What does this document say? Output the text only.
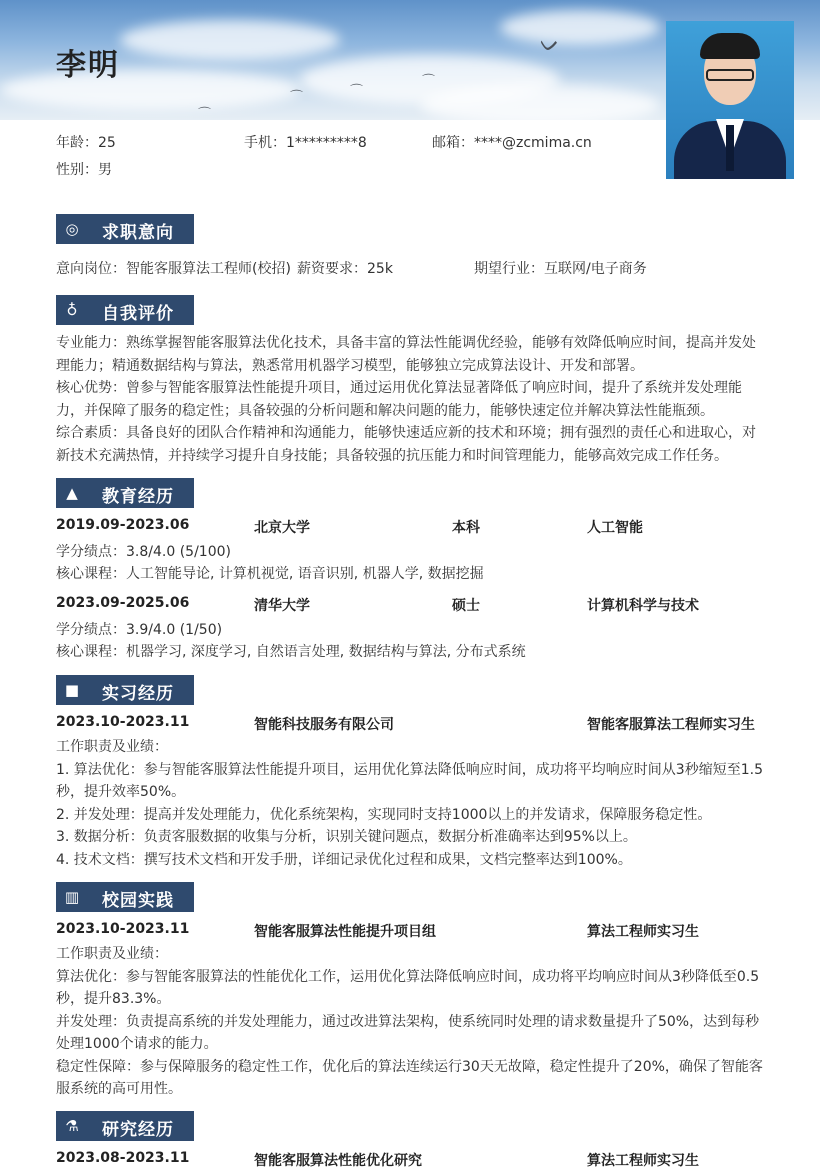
ᨆ
⌒	⌒
⌒
⌒
李明
年龄：25	手机：1*********8	邮箱：****@zcmima.cn
性别：男
◎ 求职意向
意向岗位：智能客服算法工程师(校招) 薪资要求：25k	期望行业：互联网/电子商务
♁ 自我评价

专业能力：熟练掌握智能客服算法优化技术，具备丰富的算法性能调优经验，能够有效降低响应时间，提高并发处理能力；精通数据结构与算法，熟悉常用机器学习模型，能够独立完成算法设计、开发和部署。

核心优势：曾参与智能客服算法性能提升项目，通过运用优化算法显著降低了响应时间，提升了系统并发处理能力，并保障了服务的稳定性；具备较强的分析问题和解决问题的能力，能够快速定位并解决算法性能瓶颈。

综合素质：具备良好的团队合作精神和沟通能力，能够快速适应新的技术和环境；拥有强烈的责任心和进取心，对新技术充满热情，并持续学习提升自身技能；具备较强的抗压能力和时间管理能力，能够高效完成工作任务。

▲ 教育经历
2019.09-2023.06	北京大学	本科	人工智能
学分绩点：3.8/4.0 (5/100)
核心课程：人工智能导论, 计算机视觉, 语音识别, 机器人学, 数据挖掘
2023.09-2025.06	清华大学	硕士	计算机科学与技术
学分绩点：3.9/4.0 (1/50)
核心课程：机器学习, 深度学习, 自然语言处理, 数据结构与算法, 分布式系统
■ 实习经历
2023.10-2023.11	智能科技服务有限公司	智能客服算法工程师实习生

工作职责及业绩：

1. 算法优化：参与智能客服算法性能提升项目，运用优化算法降低响应时间，成功将平均响应时间从3秒缩短至1.5秒，提升效率50%。

2. 并发处理：提高并发处理能力，优化系统架构，实现同时支持1000以上的并发请求，保障服务稳定性。

3. 数据分析：负责客服数据的收集与分析，识别关键问题点，数据分析准确率达到95%以上。

4. 技术文档：撰写技术文档和开发手册，详细记录优化过程和成果，文档完整率达到100%。

▥ 校园实践
2023.10-2023.11	智能客服算法性能提升项目组	算法工程师实习生

工作职责及业绩：

算法优化：参与智能客服算法的性能优化工作，运用优化算法降低响应时间，成功将平均响应时间从3秒降低至0.5秒，提升83.3%。

并发处理：负责提高系统的并发处理能力，通过改进算法架构，使系统同时处理的请求数量提升了50%，达到每秒处理1000个请求的能力。

稳定性保障：参与保障服务的稳定性工作，优化后的算法连续运行30天无故障，稳定性提升了20%，确保了智能客服系统的高可用性。

⚗ 研究经历
2023.08-2023.11	智能客服算法性能优化研究	算法工程师实习生
